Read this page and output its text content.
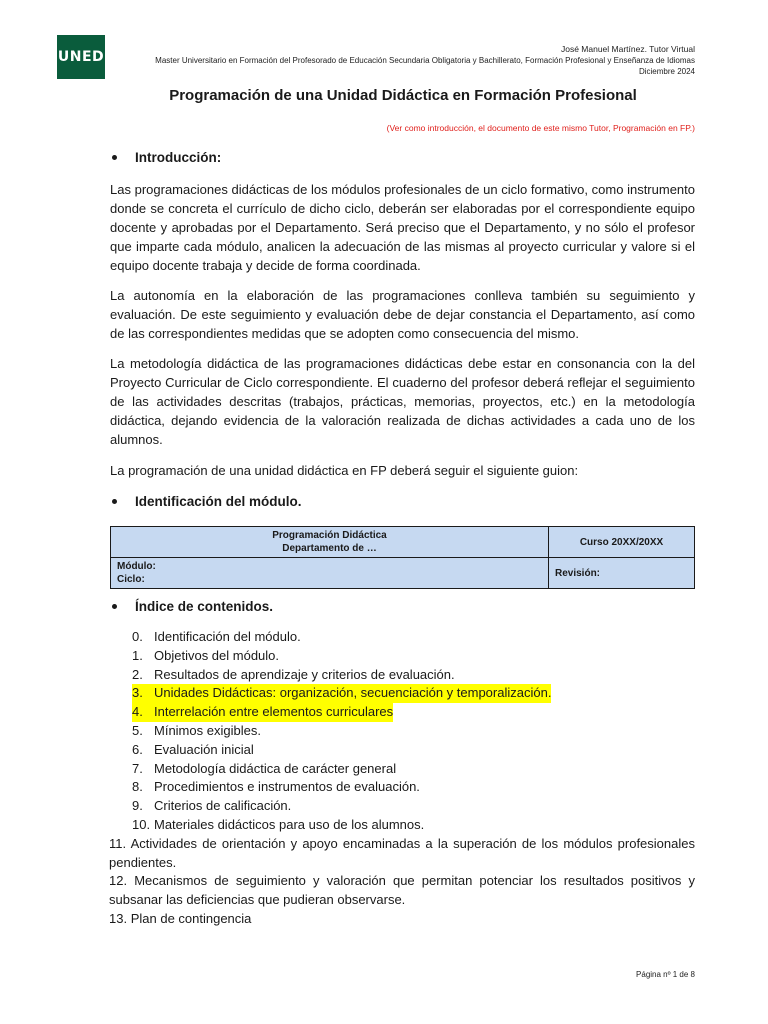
UNED	José Manuel Martínez. Tutor Virtual
Master Universitario en Formación del Profesorado de Educación Secundaria Obligatoria y Bachillerato, Formación Profesional y Enseñanza de Idiomas
Diciembre 2024
Programación de una Unidad Didáctica en Formación Profesional
(Ver como introducción, el documento de este mismo Tutor, Programación en FP.)
Introducción:
Las programaciones didácticas de los módulos profesionales de un ciclo formativo, como instrumento donde se concreta el currículo de dicho ciclo, deberán ser elaboradas por el correspondiente equipo docente y aprobadas por el Departamento. Será preciso que el Departamento, y no sólo el profesor que imparte cada módulo, analicen la adecuación de las mismas al proyecto curricular y valore si el equipo docente trabaja y decide de forma coordinada.
La autonomía en la elaboración de las programaciones conlleva también su seguimiento y evaluación. De este seguimiento y evaluación debe de dejar constancia el Departamento, así como de las correspondientes medidas que se adopten como consecuencia del mismo.
La metodología didáctica de las programaciones didácticas debe estar en consonancia con la del Proyecto Curricular de Ciclo correspondiente. El cuaderno del profesor deberá reflejar el seguimiento de las actividades descritas (trabajos, prácticas, memorias, proyectos, etc.) en la metodología didáctica, dejando evidencia de la valoración realizada de dichas actividades a cada uno de los alumnos.
La programación de una unidad didáctica en FP deberá seguir el siguiente guion:
Identificación del módulo.
Programación Didáctica
Departamento de …	Curso 20XX/20XX

Módulo:
Ciclo:	Revisión:
Índice de contenidos.
0. Identificación del módulo.
1. Objetivos del módulo.
2. Resultados de aprendizaje y criterios de evaluación.
3. Unidades Didácticas: organización, secuenciación y temporalización.
4. Interrelación entre elementos curriculares
5. Mínimos exigibles.
6. Evaluación inicial
7. Metodología didáctica de carácter general
8. Procedimientos e instrumentos de evaluación.
9. Criterios de calificación.
10. Materiales didácticos para uso de los alumnos.
11. Actividades de orientación y apoyo encaminadas a la superación de los módulos profesionales pendientes.
12. Mecanismos de seguimiento y valoración que permitan potenciar los resultados positivos y subsanar las deficiencias que pudieran observarse.
13. Plan de contingencia
Página nº 1 de 8
